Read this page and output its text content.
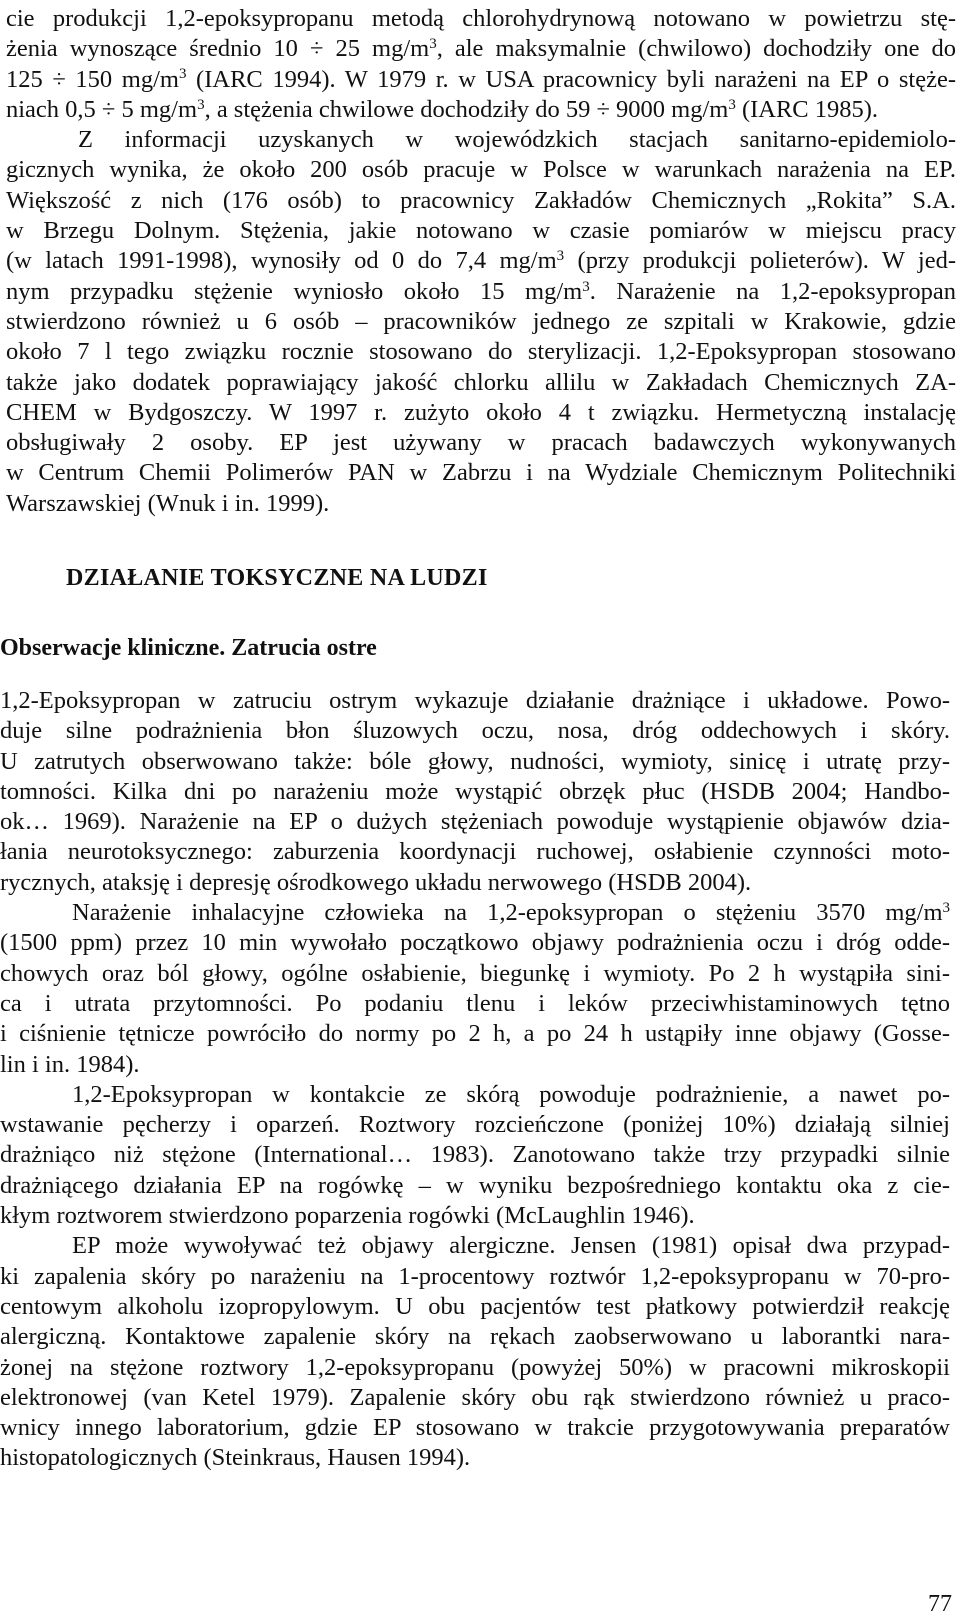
cie produkcji 1,2-epoksypropanu metodą chlorohydrynową notowano w powietrzu stę-
żenia wynoszące średnio 10 ÷ 25 $mg/m^3$, ale maksymalnie (chwilowo) dochodziły one do
125 ÷ 150 $mg/m^3$ (IARC 1994). W 1979 r. w USA pracownicy byli narażeni na EP o stęże-
niach 0,5 ÷ 5 $mg/m^3$, a stężenia chwilowe dochodziły do 59 ÷ 9000 $mg/m^3$ (IARC 1985).
Z informacji uzyskanych w wojewódzkich stacjach sanitarno-epidemiolo-
gicznych wynika, że około 200 osób pracuje w Polsce w warunkach narażenia na EP.
Większość z nich (176 osób) to pracownicy Zakładów Chemicznych „Rokita” S.A.
w Brzegu Dolnym. Stężenia, jakie notowano w czasie pomiarów w miejscu pracy
(w latach 1991-1998), wynosiły od 0 do 7,4 $mg/m^3$ (przy produkcji polieterów). W jed-
nym przypadku stężenie wyniosło około 15 $mg/m^3$. Narażenie na 1,2-epoksypropan
stwierdzono również u 6 osób – pracowników jednego ze szpitali w Krakowie, gdzie
około 7 l tego związku rocznie stosowano do sterylizacji. 1,2-Epoksypropan stosowano
także jako dodatek poprawiający jakość chlorku allilu w Zakładach Chemicznych ZA-
CHEM w Bydgoszczy. W 1997 r. zużyto około 4 t związku. Hermetyczną instalację
obsługiwały 2 osoby. EP jest używany w pracach badawczych wykonywanych
w Centrum Chemii Polimerów PAN w Zabrzu i na Wydziale Chemicznym Politechniki
Warszawskiej (Wnuk i in. 1999).
DZIAŁANIE TOKSYCZNE NA LUDZI
Obserwacje kliniczne. Zatrucia ostre
1,2-Epoksypropan w zatruciu ostrym wykazuje działanie drażniące i układowe. Powo-
duje silne podrażnienia błon śluzowych oczu, nosa, dróg oddechowych i skóry.
U zatrutych obserwowano także: bóle głowy, nudności, wymioty, sinicę i utratę przy-
tomności. Kilka dni po narażeniu może wystąpić obrzęk płuc (HSDB 2004; Handbo-
ok… 1969). Narażenie na EP o dużych stężeniach powoduje wystąpienie objawów dzia-
łania neurotoksycznego: zaburzenia koordynacji ruchowej, osłabienie czynności moto-
rycznych, ataksję i depresję ośrodkowego układu nerwowego (HSDB 2004).
Narażenie inhalacyjne człowieka na 1,2-epoksypropan o stężeniu 3570 $mg/m^3$
(1500 ppm) przez 10 min wywołało początkowo objawy podrażnienia oczu i dróg odde-
chowych oraz ból głowy, ogólne osłabienie, biegunkę i wymioty. Po 2 h wystąpiła sini-
ca i utrata przytomności. Po podaniu tlenu i leków przeciwhistaminowych tętno
i ciśnienie tętnicze powróciło do normy po 2 h, a po 24 h ustąpiły inne objawy (Gosse-
lin i in. 1984).
1,2-Epoksypropan w kontakcie ze skórą powoduje podrażnienie, a nawet po-
wstawanie pęcherzy i oparzeń. Roztwory rozcieńczone (poniżej 10%) działają silniej
drażniąco niż stężone (International… 1983). Zanotowano także trzy przypadki silnie
drażniącego działania EP na rogówkę – w wyniku bezpośredniego kontaktu oka z cie-
kłym roztworem stwierdzono poparzenia rogówki (McLaughlin 1946).
EP może wywoływać też objawy alergiczne. Jensen (1981) opisał dwa przypad-
ki zapalenia skóry po narażeniu na 1-procentowy roztwór 1,2-epoksypropanu w 70-pro-
centowym alkoholu izopropylowym. U obu pacjentów test płatkowy potwierdził reakcję
alergiczną. Kontaktowe zapalenie skóry na rękach zaobserwowano u laborantki nara-
żonej na stężone roztwory 1,2-epoksypropanu (powyżej 50%) w pracowni mikroskopii
elektronowej (van Ketel 1979). Zapalenie skóry obu rąk stwierdzono również u praco-
wnicy innego laboratorium, gdzie EP stosowano w trakcie przygotowywania preparatów
histopatologicznych (Steinkraus, Hausen 1994).
77
